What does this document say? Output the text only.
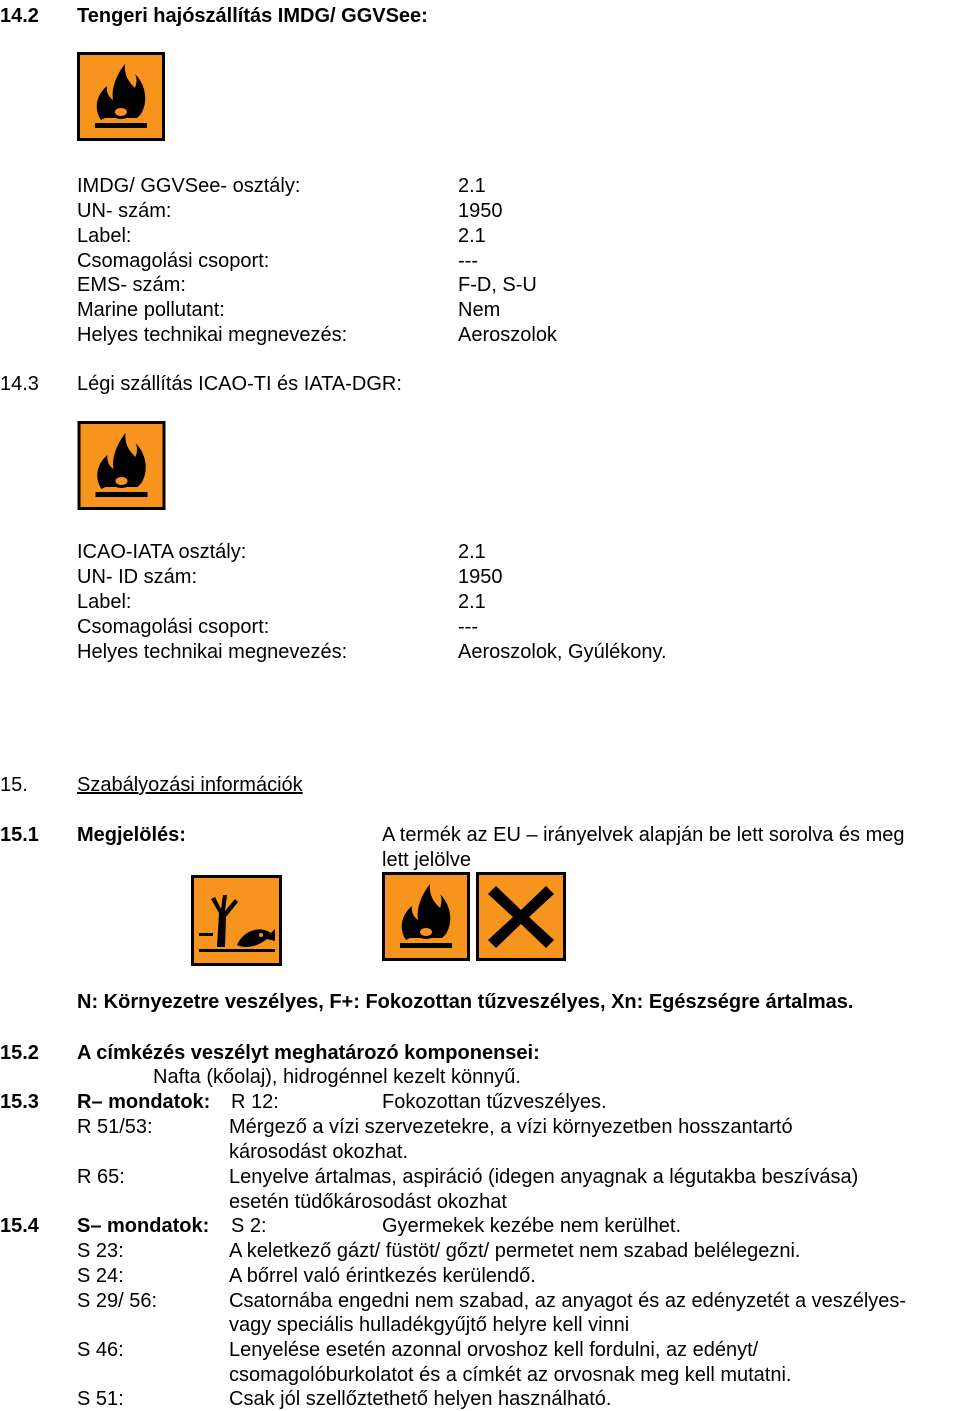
14.2 Tengeri hajószállítás IMDG/ GGVSee:
IMDG/ GGVSee- osztály:	2.1
UN- szám:	1950
Label:	2.1
Csomagolási csoport:	---
EMS- szám:	F-D, S-U
Marine pollutant:	Nem
Helyes technikai megnevezés:	Aeroszolok
14.3 Légi szállítás ICAO-TI és IATA-DGR:
ICAO-IATA osztály:	2.1
UN- ID szám:	1950
Label:	2.1
Csomagolási csoport:	---
Helyes technikai megnevezés:	Aeroszolok, Gyúlékony.
15. Szabályozási információk
15.1 Megjelölés:	A termék az EU – irányelvek alapján be lett sorolva és meg
lett jelölve
N: Környezetre veszélyes, F+: Fokozottan tűzveszélyes, Xn: Egészségre ártalmas.
15.2 A címkézés veszélyt meghatározó komponensei:
Nafta (kőolaj), hidrogénnel kezelt könnyű.
15.3 R– mondatok: R 12:	Fokozottan tűzveszélyes.
R 51/53:	Mérgező a vízi szervezetekre, a vízi környezetben hosszantartó
károsodást okozhat.
R 65:	Lenyelve ártalmas, aspiráció (idegen anyagnak a légutakba beszívása)
esetén tüdőkárosodást okozhat
15.4 S– mondatok: S 2:	Gyermekek kezébe nem kerülhet.
S 23:	A keletkező gázt/ füstöt/ gőzt/ permetet nem szabad belélegezni.
S 24:	A bőrrel való érintkezés kerülendő.
S 29/ 56:	Csatornába engedni nem szabad, az anyagot és az edényzetét a veszélyes-
vagy speciális hulladékgyűjtő helyre kell vinni
S 46:	Lenyelése esetén azonnal orvoshoz kell fordulni, az edényt/
csomagolóburkolatot és a címkét az orvosnak meg kell mutatni.
S 51:	Csak jól szellőztethető helyen használható.
